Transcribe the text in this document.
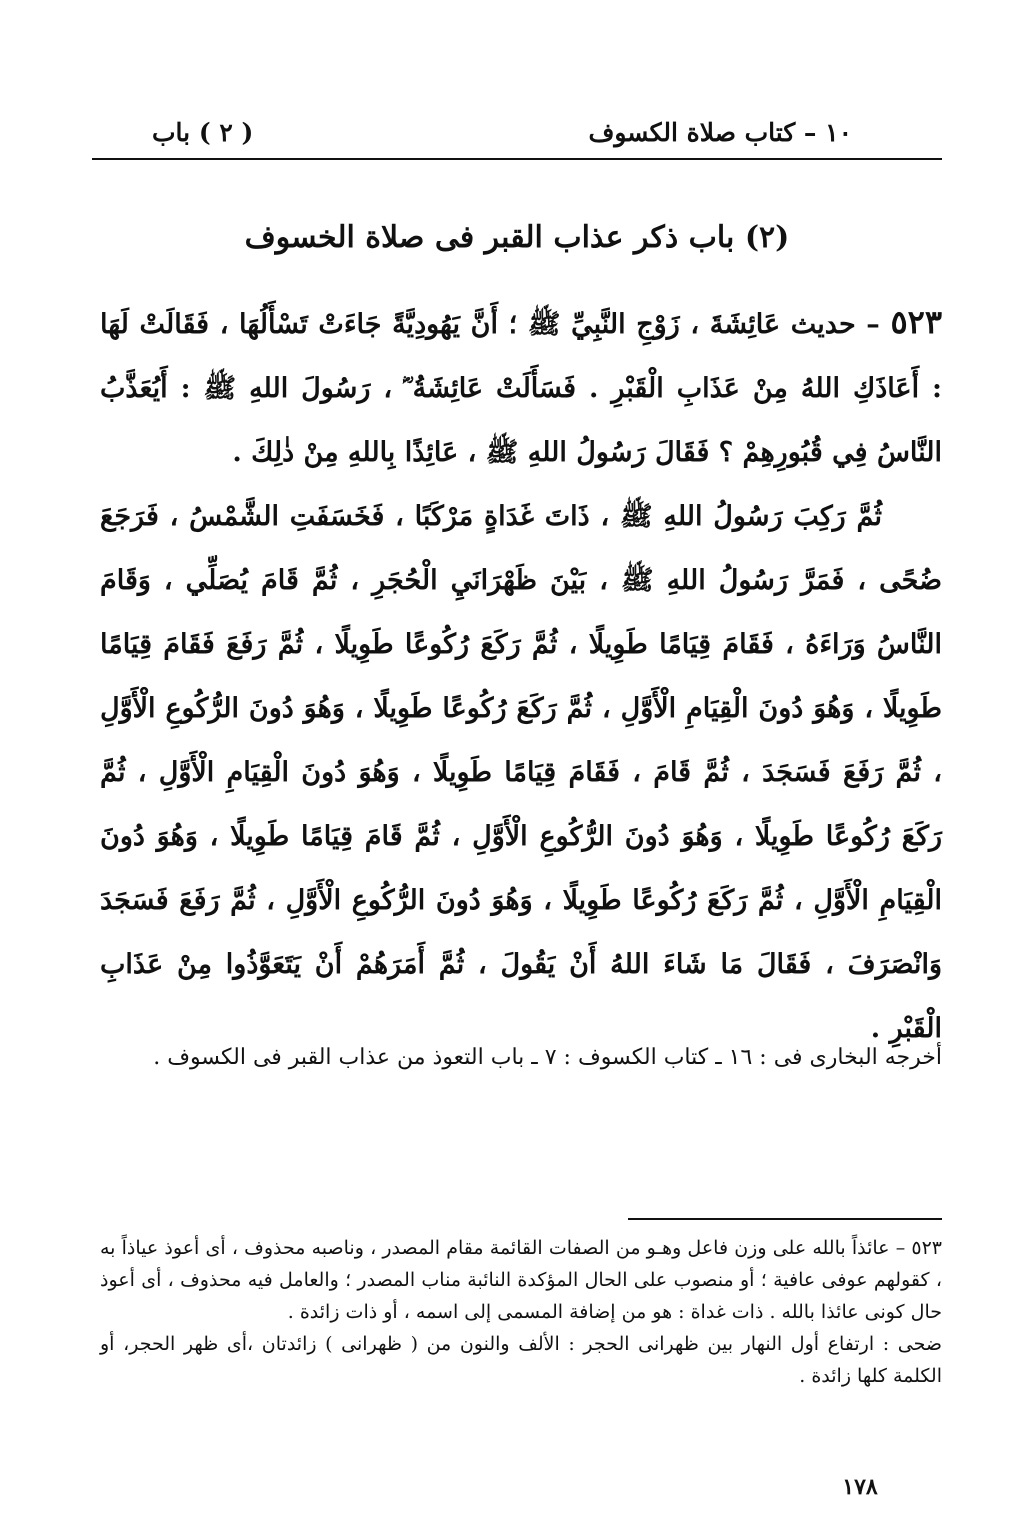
( ٢ ) باب	١٠ – كتاب صلاة الكسوف
(٢) باب ذكر عذاب القبر فى صلاة الخسوف

٥٢٣ – حديث عَائِشَةَ ، زَوْجِ النَّبِيِّ ﷺ ؛ أَنَّ يَهُودِيَّةً جَاءَتْ تَسْأَلُهَا ، فَقَالَتْ لَهَا : أَعَاذَكِ اللهُ مِنْ عَذَابِ الْقَبْرِ . فَسَأَلَتْ عَائِشَةُ ؓ ، رَسُولَ اللهِ ﷺ : أَيُعَذَّبُ النَّاسُ فِي قُبُورِهِمْ ؟ فَقَالَ رَسُولُ اللهِ ﷺ ، عَائِذًا بِاللهِ مِنْ ذٰلِكَ .

ثُمَّ رَكِبَ رَسُولُ اللهِ ﷺ ، ذَاتَ غَدَاةٍ مَرْكَبًا ، فَخَسَفَتِ الشَّمْسُ ، فَرَجَعَ ضُحًى ، فَمَرَّ رَسُولُ اللهِ ﷺ ، بَيْنَ ظَهْرَانَيِ الْحُجَرِ ، ثُمَّ قَامَ يُصَلِّي ، وَقَامَ النَّاسُ وَرَاءَهُ ، فَقَامَ قِيَامًا طَوِيلًا ، ثُمَّ رَكَعَ رُكُوعًا طَوِيلًا ، ثُمَّ رَفَعَ فَقَامَ قِيَامًا طَوِيلًا ، وَهُوَ دُونَ الْقِيَامِ الْأَوَّلِ ، ثُمَّ رَكَعَ رُكُوعًا طَوِيلًا ، وَهُوَ دُونَ الرُّكُوعِ الْأَوَّلِ ، ثُمَّ رَفَعَ فَسَجَدَ ، ثُمَّ قَامَ ، فَقَامَ قِيَامًا طَوِيلًا ، وَهُوَ دُونَ الْقِيَامِ الْأَوَّلِ ، ثُمَّ رَكَعَ رُكُوعًا طَوِيلًا ، وَهُوَ دُونَ الرُّكُوعِ الْأَوَّلِ ، ثُمَّ قَامَ قِيَامًا طَوِيلًا ، وَهُوَ دُونَ الْقِيَامِ الْأَوَّلِ ، ثُمَّ رَكَعَ رُكُوعًا طَوِيلًا ، وَهُوَ دُونَ الرُّكُوعِ الْأَوَّلِ ، ثُمَّ رَفَعَ فَسَجَدَ وَانْصَرَفَ ، فَقَالَ مَا شَاءَ اللهُ أَنْ يَقُولَ ، ثُمَّ أَمَرَهُمْ أَنْ يَتَعَوَّذُوا مِنْ عَذَابِ الْقَبْرِ .

أخرجه البخارى فى : ١٦ ـ كتاب الكسوف : ٧ ـ باب التعوذ من عذاب القبر فى الكسوف .

٥٢٣ – عائذاً بالله على وزن فاعل وهـو من الصفات القائمة مقام المصدر ، وناصبه محذوف ، أى أعوذ عياذاً به ، كقولهم عوفى عافية ؛ أو منصوب على الحال المؤكدة النائبة مناب المصدر ؛ والعامل فيه محذوف ، أى أعوذ حال كونى عائذا بالله . ذات غداة : هو من إضافة المسمى إلى اسمه ، أو ذات زائدة .

ضحى : ارتفاع أول النهار بين ظهرانى الحجر : الألف والنون من ( ظهرانى ) زائدتان ،أى ظهر الحجر، أو الكلمة كلها زائدة .

١٧٨
